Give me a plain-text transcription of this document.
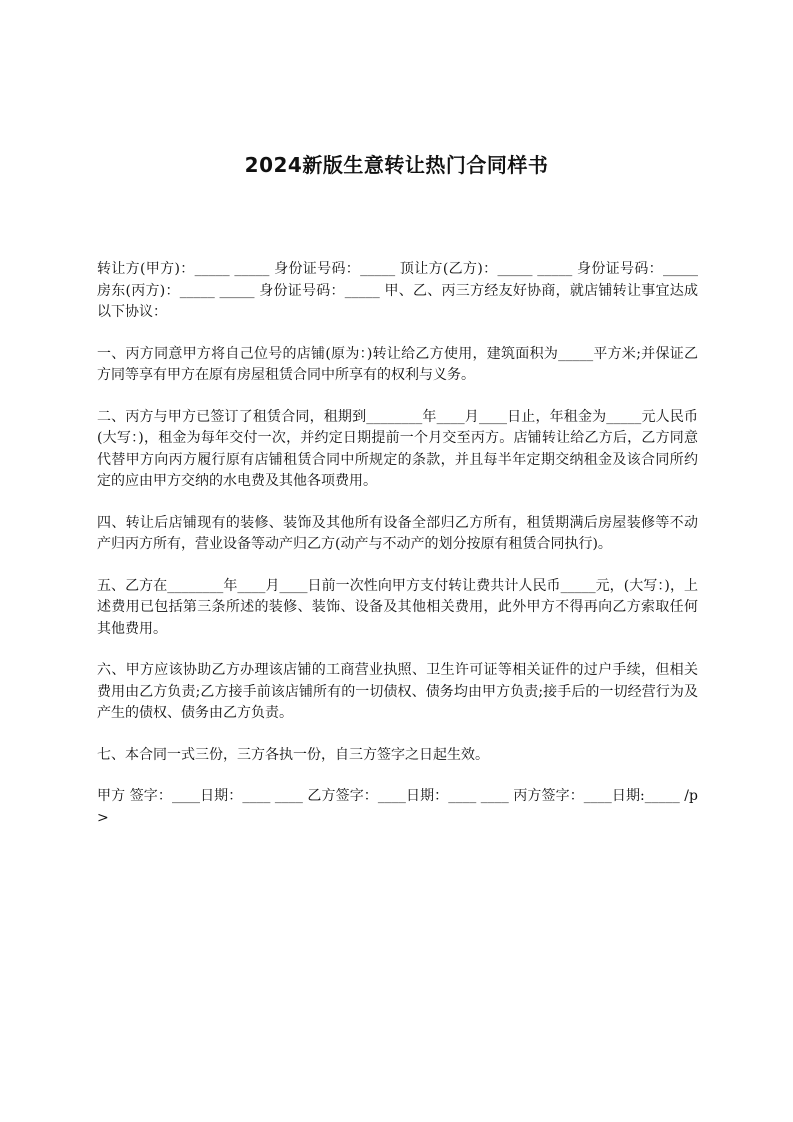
2024新版生意转让热门合同样书

转让方(甲方)：_____ _____ 身份证号码：_____ 顶让方(乙方)：_____ _____ 身份证号码：_____ 房东(丙方)：_____ _____ 身份证号码：_____ 甲、乙、丙三方经友好协商，就店铺转让事宜达成以下协议：

一、丙方同意甲方将自己位号的店铺(原为：)转让给乙方使用，建筑面积为_____平方米;并保证乙方同等享有甲方在原有房屋租赁合同中所享有的权利与义务。

二、丙方与甲方已签订了租赁合同，租期到________年____月____日止，年租金为_____元人民币(大写：)，租金为每年交付一次，并约定日期提前一个月交至丙方。店铺转让给乙方后，乙方同意代替甲方向丙方履行原有店铺租赁合同中所规定的条款，并且每半年定期交纳租金及该合同所约定的应由甲方交纳的水电费及其他各项费用。

四、转让后店铺现有的装修、装饰及其他所有设备全部归乙方所有，租赁期满后房屋装修等不动产归丙方所有，营业设备等动产归乙方(动产与不动产的划分按原有租赁合同执行)。

五、乙方在________年____月____日前一次性向甲方支付转让费共计人民币_____元，(大写：)，上述费用已包括第三条所述的装修、装饰、设备及其他相关费用，此外甲方不得再向乙方索取任何其他费用。

六、甲方应该协助乙方办理该店铺的工商营业执照、卫生许可证等相关证件的过户手续，但相关费用由乙方负责;乙方接手前该店铺所有的一切债权、债务均由甲方负责;接手后的一切经营行为及产生的债权、债务由乙方负责。

七、本合同一式三份，三方各执一份，自三方签字之日起生效。

甲方 签字：____日期：____ ____ 乙方签字：____日期：____ ____ 丙方签字：____日期:_____ /p>
